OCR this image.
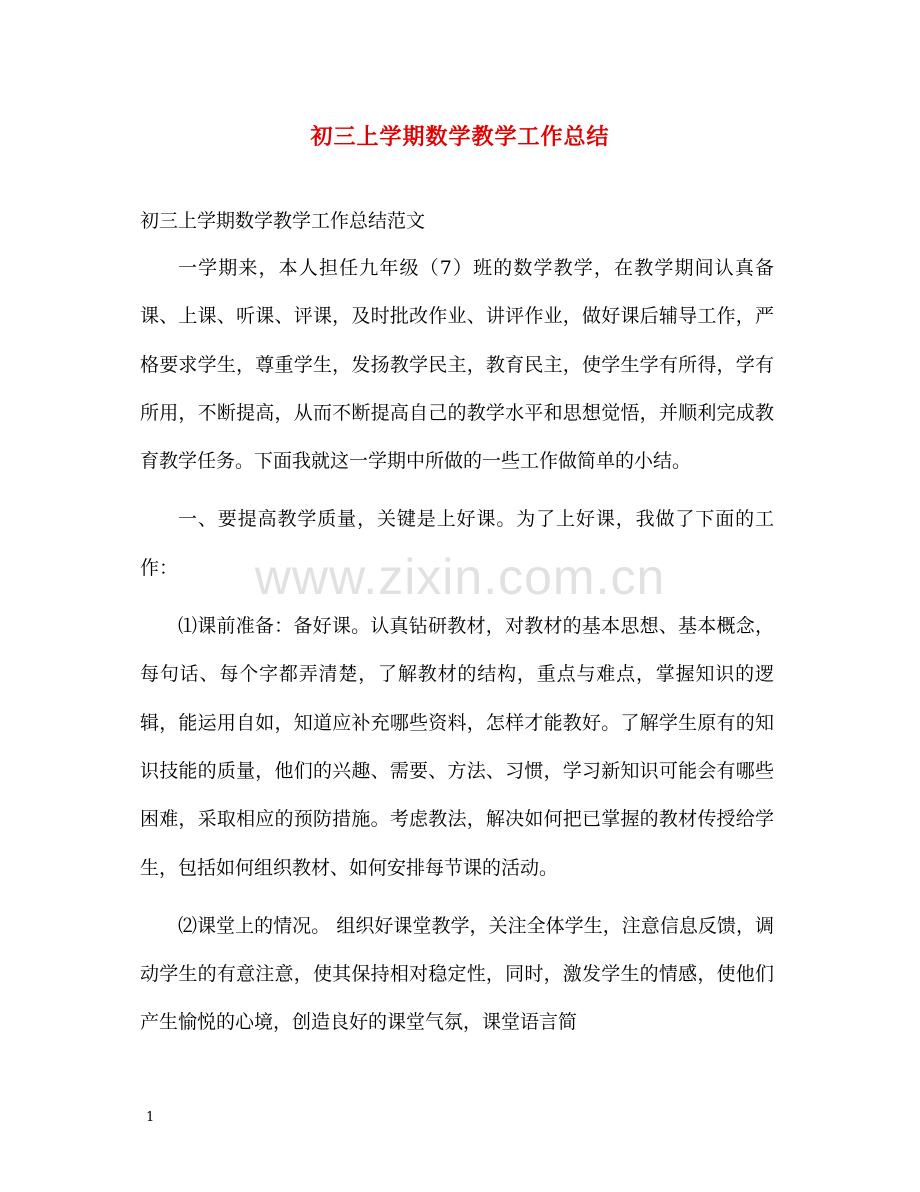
初三上学期数学教学工作总结
初三上学期数学教学工作总结范文

一学期来，本人担任九年级（7）班的数学教学，在教学期间认真备课、上课、听课、评课，及时批改作业、讲评作业，做好课后辅导工作，严格要求学生，尊重学生，发扬教学民主，教育民主，使学生学有所得，学有所用，不断提高，从而不断提高自己的教学水平和思想觉悟，并顺利完成教育教学任务。下面我就这一学期中所做的一些工作做简单的小结。

一、要提高教学质量，关键是上好课。为了上好课，我做了下面的工作：

⑴课前准备：备好课。认真钻研教材，对教材的基本思想、基本概念，每句话、每个字都弄清楚，了解教材的结构，重点与难点，掌握知识的逻辑，能运用自如，知道应补充哪些资料，怎样才能教好。了解学生原有的知识技能的质量，他们的兴趣、需要、方法、习惯，学习新知识可能会有哪些困难，采取相应的预防措施。考虑教法，解决如何把已掌握的教材传授给学生，包括如何组织教材、如何安排每节课的活动。

⑵课堂上的情况。 组织好课堂教学，关注全体学生，注意信息反馈，调动学生的有意注意，使其保持相对稳定性，同时，激发学生的情感，使他们产生愉悦的心境，创造良好的课堂气氛，课堂语言简

www.zixin.com.cn
1
